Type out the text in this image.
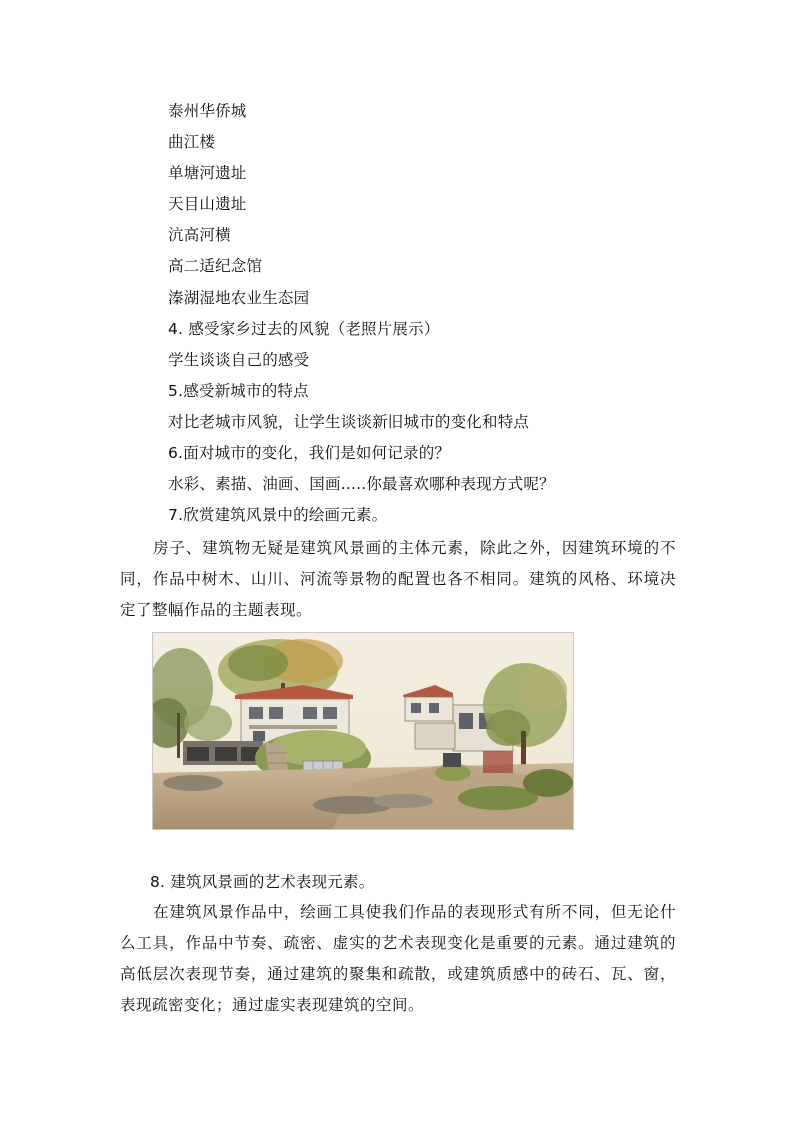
泰州华侨城
曲江楼
单塘河遗址
天目山遗址
沆高河横
高二适纪念馆
溱湖湿地农业生态园
4. 感受家乡过去的风貌（老照片展示）
学生谈谈自己的感受
5.感受新城市的特点
对比老城市风貌，让学生谈谈新旧城市的变化和特点
6.面对城市的变化，我们是如何记录的？
水彩、素描、油画、国画.....你最喜欢哪种表现方式呢？
7.欣赏建筑风景中的绘画元素。
房子、建筑物无疑是建筑风景画的主体元素，除此之外，因建筑环境的不同，作品中树木、山川、河流等景物的配置也各不相同。建筑的风格、环境决定了整幅作品的主题表现。
8. 建筑风景画的艺术表现元素。
在建筑风景作品中，绘画工具使我们作品的表现形式有所不同，但无论什么工具，作品中节奏、疏密、虚实的艺术表现变化是重要的元素。通过建筑的高低层次表现节奏，通过建筑的聚集和疏散，或建筑质感中的砖石、瓦、窗，表现疏密变化；通过虚实表现建筑的空间。
